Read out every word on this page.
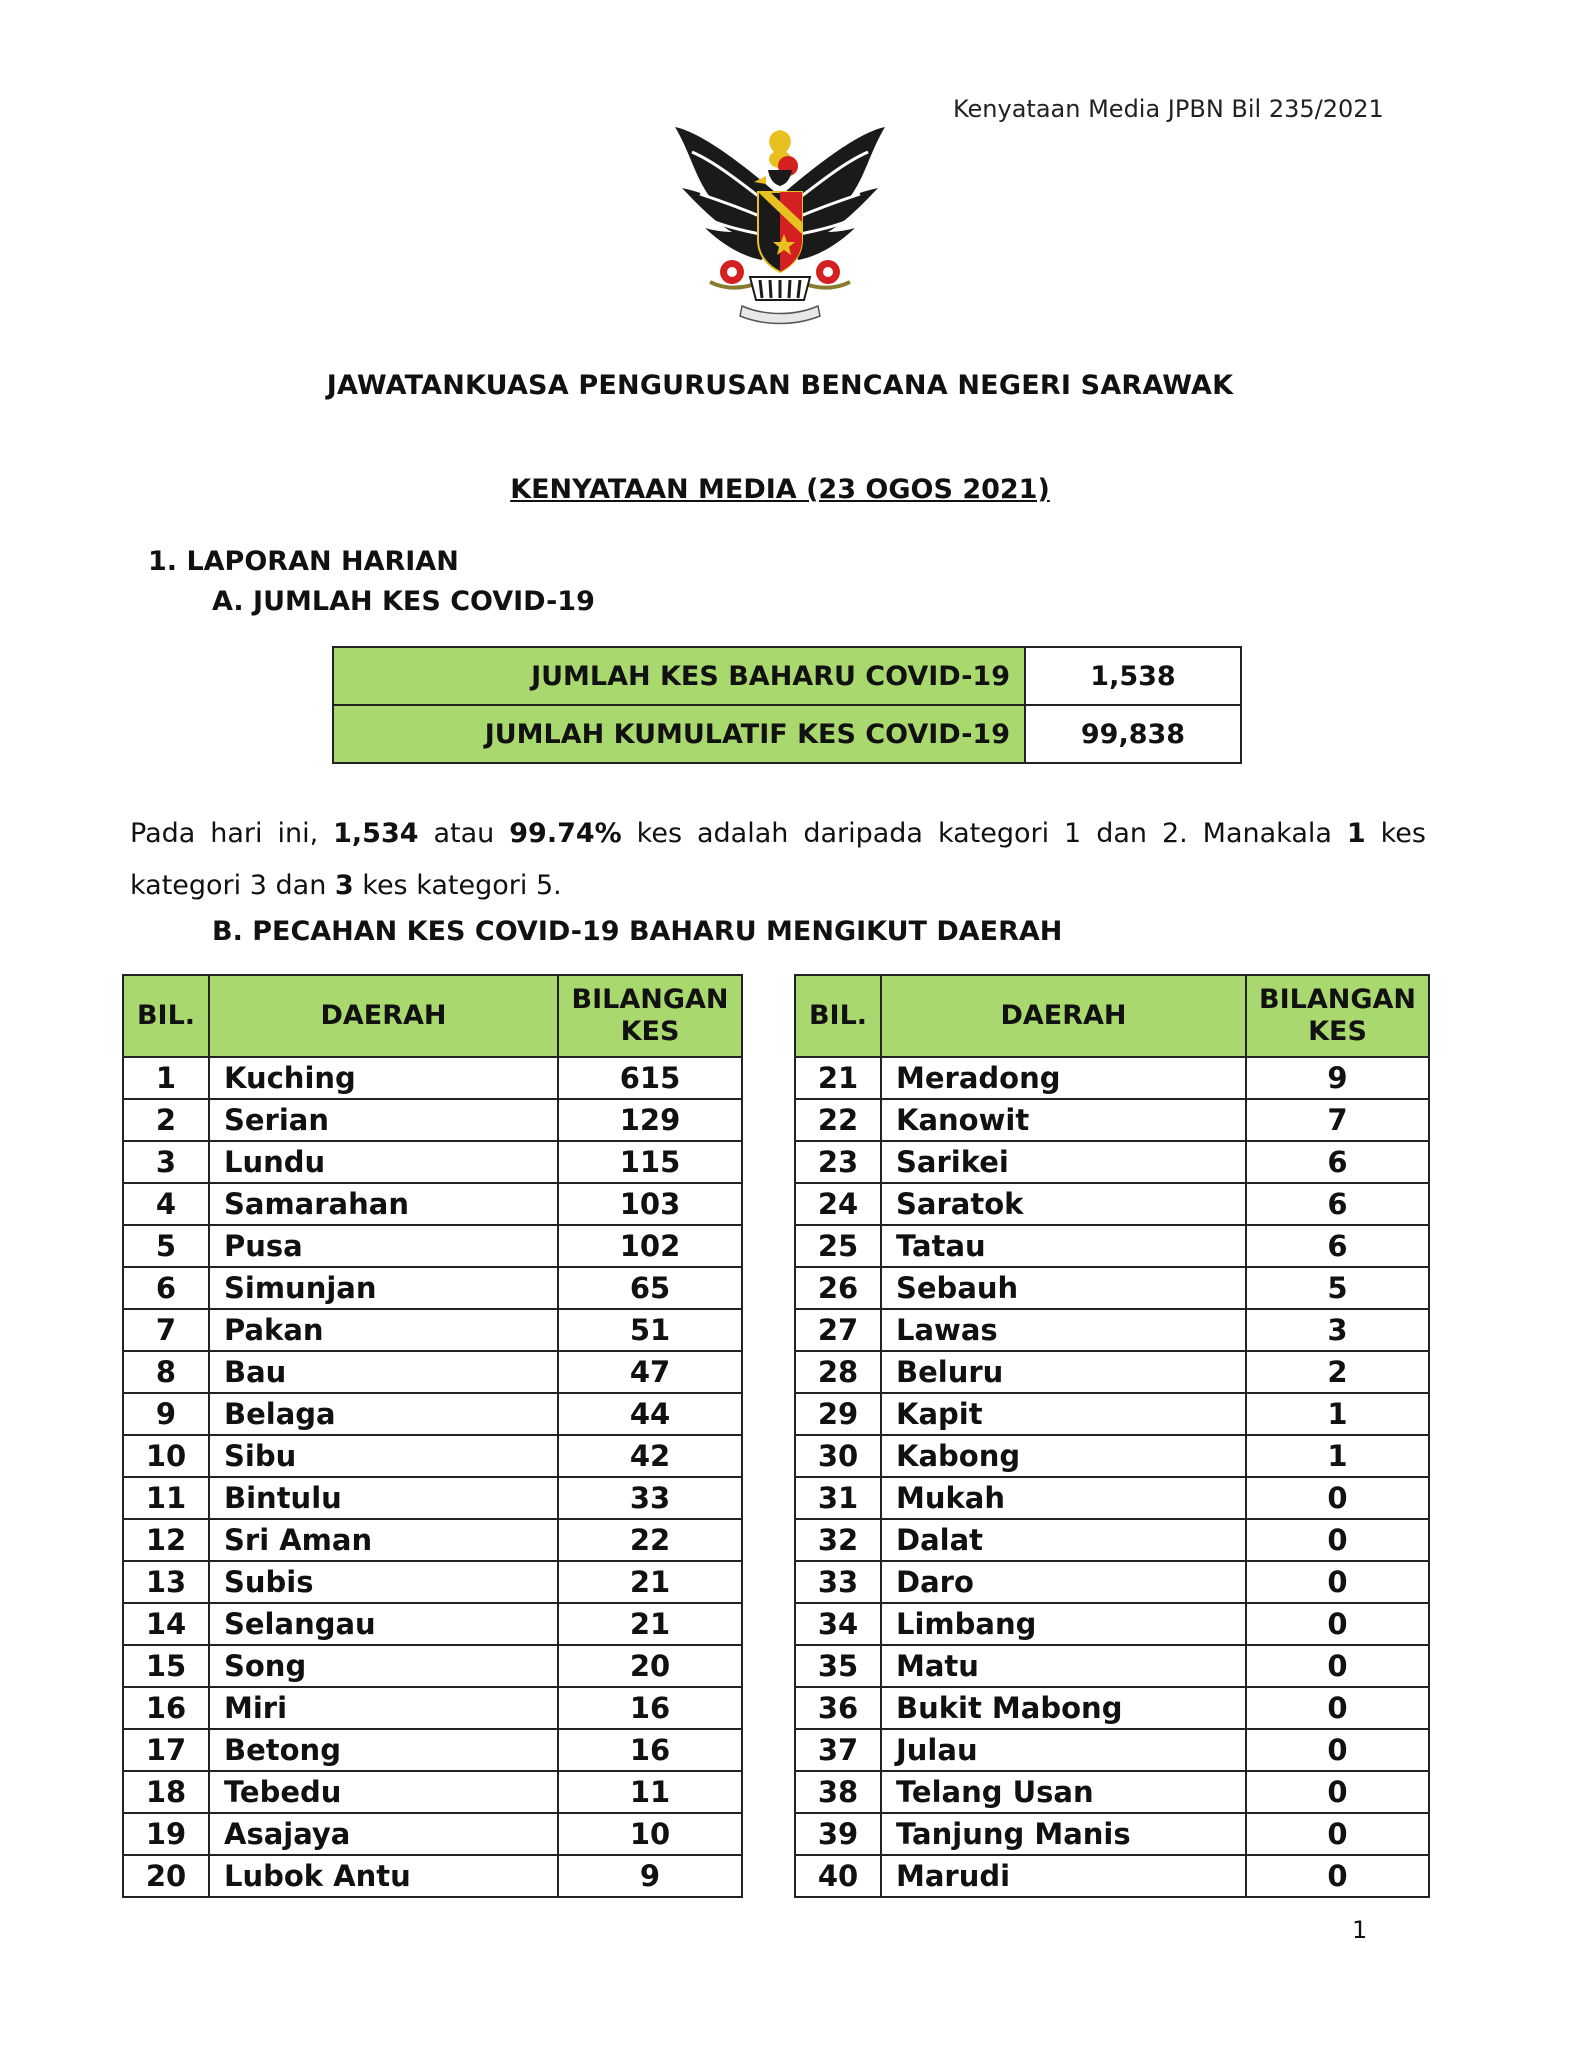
Kenyataan Media JPBN Bil 235/2021
JAWATANKUASA PENGURUSAN BENCANA NEGERI SARAWAK
KENYATAAN MEDIA (23 OGOS 2021)
1. LAPORAN HARIAN
A. JUMLAH KES COVID-19
JUMLAH KES BAHARU COVID-19	1,538
JUMLAH KUMULATIF KES COVID-19	99,838
Pada hari ini, 1,534 atau 99.74% kes adalah daripada kategori 1 dan 2. Manakala 1 kes kategori 3 dan 3 kes kategori 5.
B. PECAHAN KES COVID-19 BAHARU MENGIKUT DAERAH
BIL.	DAERAH	BILANGAN
KES
1	Kuching	615
2	Serian	129
3	Lundu	115
4	Samarahan	103
5	Pusa	102
6	Simunjan	65
7	Pakan	51
8	Bau	47
9	Belaga	44
10	Sibu	42
11	Bintulu	33
12	Sri Aman	22
13	Subis	21
14	Selangau	21
15	Song	20
16	Miri	16
17	Betong	16
18	Tebedu	11
19	Asajaya	10
20	Lubok Antu	9
BIL.	DAERAH	BILANGAN
KES
21	Meradong	9
22	Kanowit	7
23	Sarikei	6
24	Saratok	6
25	Tatau	6
26	Sebauh	5
27	Lawas	3
28	Beluru	2
29	Kapit	1
30	Kabong	1
31	Mukah	0
32	Dalat	0
33	Daro	0
34	Limbang	0
35	Matu	0
36	Bukit Mabong	0
37	Julau	0
38	Telang Usan	0
39	Tanjung Manis	0
40	Marudi	0
1
